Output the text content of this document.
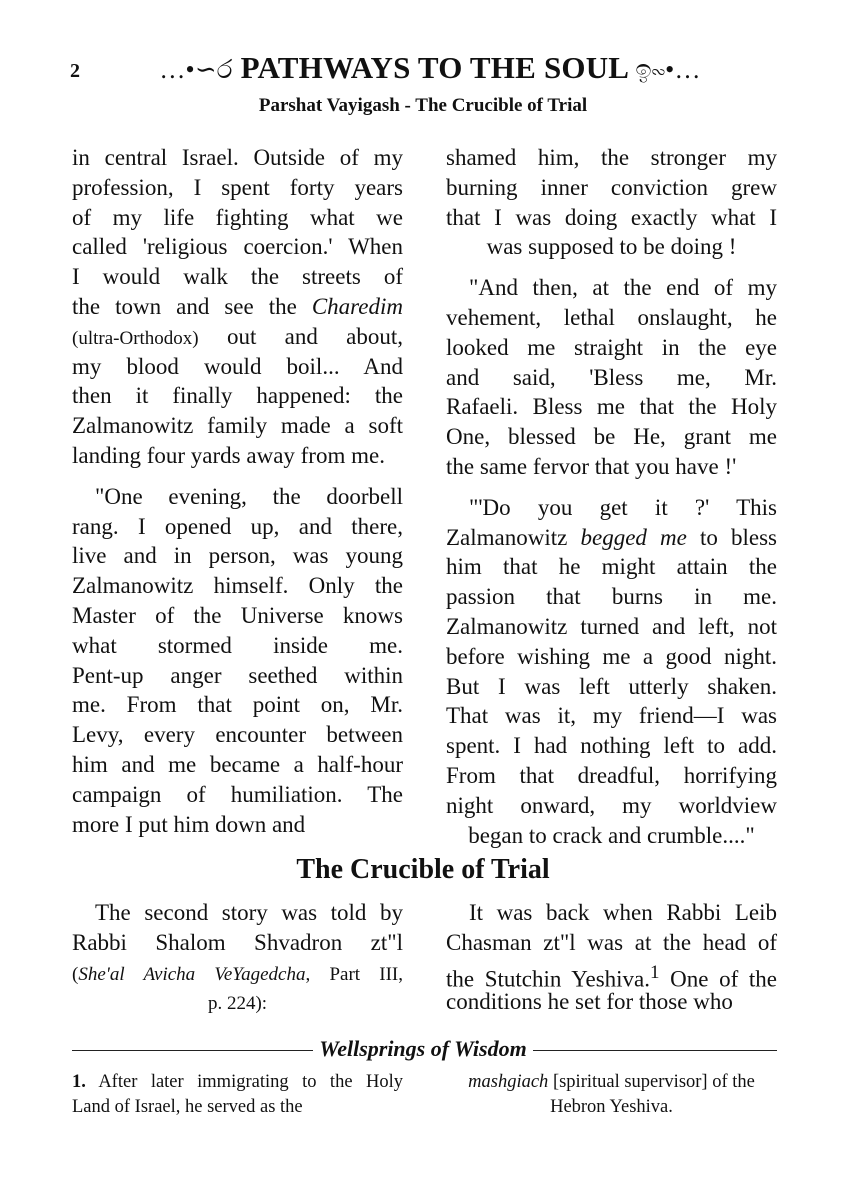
2	…•∽ර PATHWAYS TO THE SOUL ඉ∾•…
Parshat Vayigash - The Crucible of Trial
in central Israel. Outside of my
profession, I spent forty years
of my life fighting what we
called 'religious coercion.' When
I would walk the streets of
the town and see the Charedim
(ultra-Orthodox) out and about,
my blood would boil... And
then it finally happened: the
Zalmanowitz family made a soft
landing four yards away from me.
 "One evening, the doorbell
rang. I opened up, and there,
live and in person, was young
Zalmanowitz himself. Only the
Master of the Universe knows
what stormed inside me.
Pent-up anger seethed within
me. From that point on, Mr.
Levy, every encounter between
him and me became a half-hour
campaign of humiliation. The
more I put him down and
shamed him, the stronger my
burning inner conviction grew
that I was doing exactly what I
was supposed to be doing !
 "And then, at the end of my
vehement, lethal onslaught, he
looked me straight in the eye
and said, 'Bless me, Mr.
Rafaeli. Bless me that the Holy
One, blessed be He, grant me
the same fervor that you have !'
 "'Do you get it ?' This
Zalmanowitz begged me to bless
him that he might attain the
passion that burns in me.
Zalmanowitz turned and left, not
before wishing me a good night.
But I was left utterly shaken.
That was it, my friend—I was
spent. I had nothing left to add.
From that dreadful, horrifying
night onward, my worldview
began to crack and crumble...."
The Crucible of Trial
 The second story was told by
Rabbi Shalom Shvadron zt"l
(She'al Avicha VeYagedcha, Part III,
p. 224):
 It was back when Rabbi Leib
Chasman zt"l was at the head of
the Stutchin Yeshiva.$^1$ One of the
conditions he set for those who
Wellsprings of Wisdom
1. After later immigrating to the Holy
Land of Israel, he served as the
mashgiach [spiritual supervisor] of the
Hebron Yeshiva.
